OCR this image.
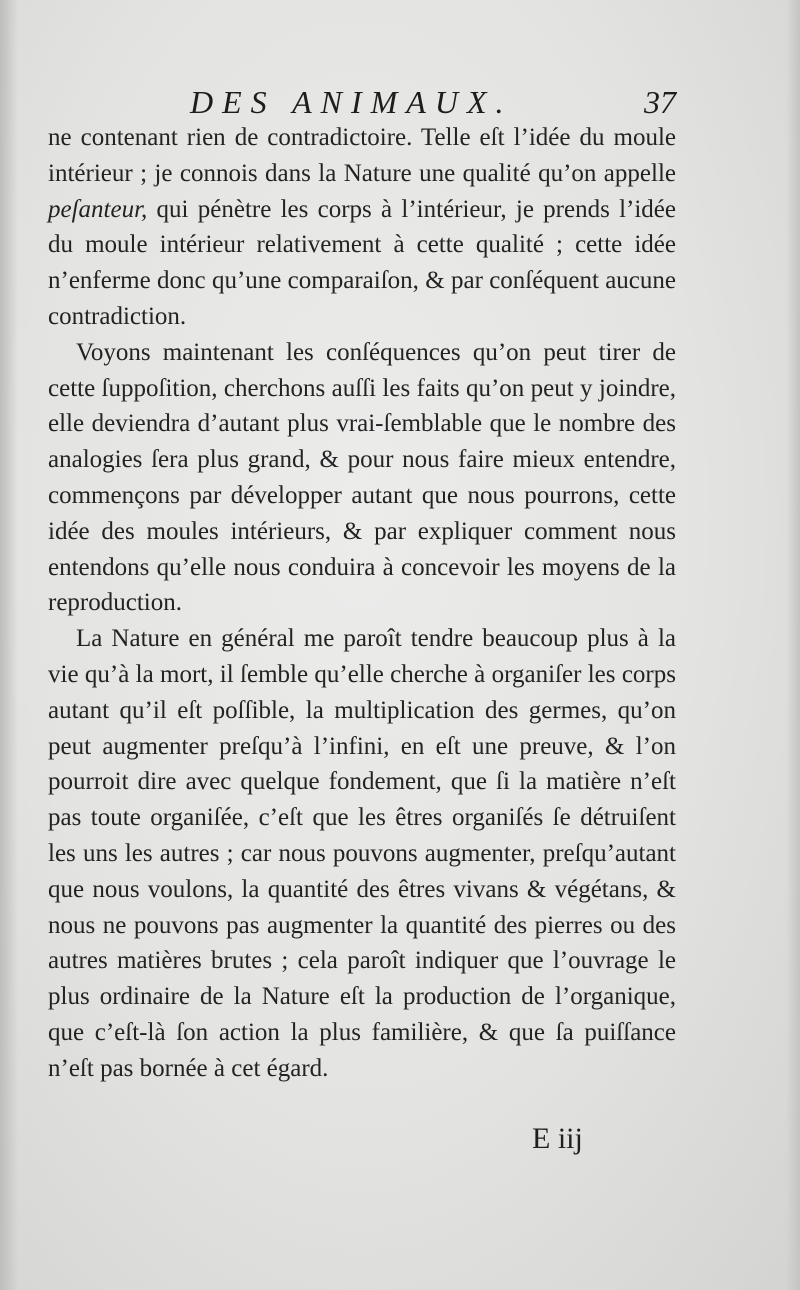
DES ANIMAUX.	37

ne contenant rien de contradictoire. Telle eſt l’idée du moule intérieur ; je connois dans la Nature une qualité qu’on appelle peſanteur, qui pénètre les corps à l’intérieur, je prends l’idée du moule intérieur relativement à cette qualité ; cette idée n’enferme donc qu’une comparaiſon, & par conſéquent aucune contradiction.

Voyons maintenant les conſéquences qu’on peut tirer de cette ſuppoſition, cherchons auſſi les faits qu’on peut y joindre, elle deviendra d’autant plus vrai-ſemblable que le nombre des analogies ſera plus grand, & pour nous faire mieux entendre, commençons par développer autant que nous pourrons, cette idée des moules intérieurs, & par expliquer comment nous entendons qu’elle nous conduira à concevoir les moyens de la reproduction.

La Nature en général me paroît tendre beaucoup plus à la vie qu’à la mort, il ſemble qu’elle cherche à organiſer les corps autant qu’il eſt poſſible, la multiplication des germes, qu’on peut augmenter preſqu’à l’infini, en eſt une preuve, & l’on pourroit dire avec quelque fondement, que ſi la matière n’eſt pas toute organiſée, c’eſt que les êtres organiſés ſe détruiſent les uns les autres ; car nous pouvons augmenter, preſqu’autant que nous voulons, la quantité des êtres vivans & végétans, & nous ne pouvons pas augmenter la quantité des pierres ou des autres matières brutes ; cela paroît indiquer que l’ouvrage le plus ordinaire de la Nature eſt la production de l’organique, que c’eſt-là ſon action la plus familière, & que ſa puiſſance n’eſt pas bornée à cet égard.

E iij
